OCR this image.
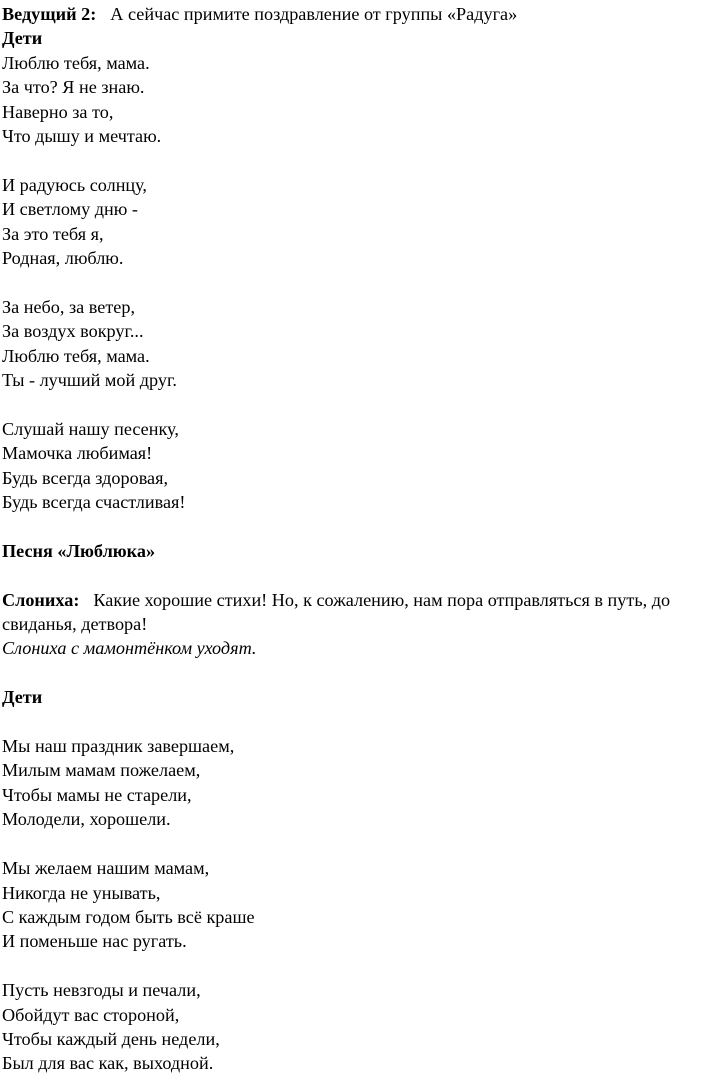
Ведущий 2: А сейчас примите поздравление от группы «Радуга»
Дети
Люблю тебя, мама.
За что? Я не знаю.
Наверно за то,
Что дышу и мечтаю.
И радуюсь солнцу,
И светлому дню -
За это тебя я,
Родная, люблю.
За небо, за ветер,
За воздух вокруг...
Люблю тебя, мама.
Ты - лучший мой друг.
Слушай нашу песенку,
Мамочка любимая!
Будь всегда здоровая,
Будь всегда счастливая!
Песня «Люблюка»
Слониха: Какие хорошие стихи! Но, к сожалению, нам пора отправляться в путь, до свиданья, детвора!
Слониха с мамонтёнком уходят.
Дети
Мы наш праздник завершаем,
Милым мамам пожелаем,
Чтобы мамы не старели,
Молодели, хорошели.
Мы желаем нашим мамам,
Никогда не унывать,
С каждым годом быть всё краше
И поменьше нас ругать.
Пусть невзгоды и печали,
Обойдут вас стороной,
Чтобы каждый день недели,
Был для вас как, выходной.
